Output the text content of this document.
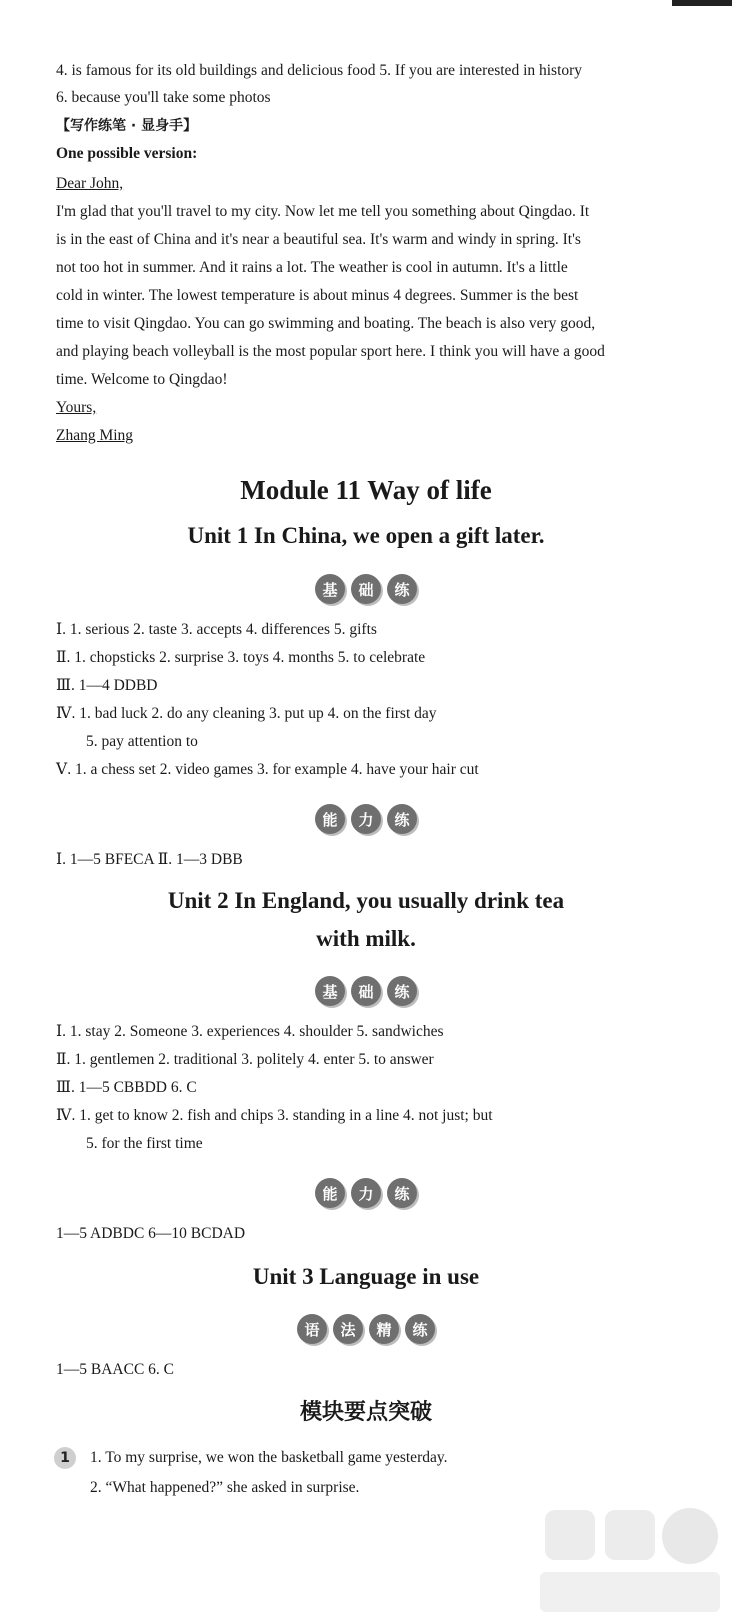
4. is famous for its old buildings and delicious food 5. If you are interested in history
6. because you'll take some photos
【写作练笔 · 显身手】
One possible version:
Dear John,
I'm glad that you'll travel to my city. Now let me tell you something about Qingdao. It
is in the east of China and it's near a beautiful sea. It's warm and windy in spring. It's
not too hot in summer. And it rains a lot. The weather is cool in autumn. It's a little
cold in winter. The lowest temperature is about minus 4 degrees. Summer is the best
time to visit Qingdao. You can go swimming and boating. The beach is also very good,
and playing beach volleyball is the most popular sport here. I think you will have a good
time. Welcome to Qingdao!
Yours,
Zhang Ming
Module 11 Way of life
Unit 1 In China, we open a gift later.
基	础	练
Ⅰ. 1. serious 2. taste 3. accepts 4. differences 5. gifts
Ⅱ. 1. chopsticks 2. surprise 3. toys 4. months 5. to celebrate
Ⅲ. 1—4 DDBD
Ⅳ. 1. bad luck 2. do any cleaning 3. put up 4. on the first day
5. pay attention to
Ⅴ. 1. a chess set 2. video games 3. for example 4. have your hair cut
能	力	练
Ⅰ. 1—5 BFECA Ⅱ. 1—3 DBB
Unit 2 In England, you usually drink tea
with milk.
基	础	练
Ⅰ. 1. stay 2. Someone 3. experiences 4. shoulder 5. sandwiches
Ⅱ. 1. gentlemen 2. traditional 3. politely 4. enter 5. to answer
Ⅲ. 1—5 CBBDD 6. C
Ⅳ. 1. get to know 2. fish and chips 3. standing in a line 4. not just; but
5. for the first time
能	力	练
1—5 ADBDC 6—10 BCDAD
Unit 3 Language in use
语	法	精	练
1—5 BAACC 6. C
模块要点突破
1	1. To my surprise, we won the basketball game yesterday.
2. “What happened?” she asked in surprise.
